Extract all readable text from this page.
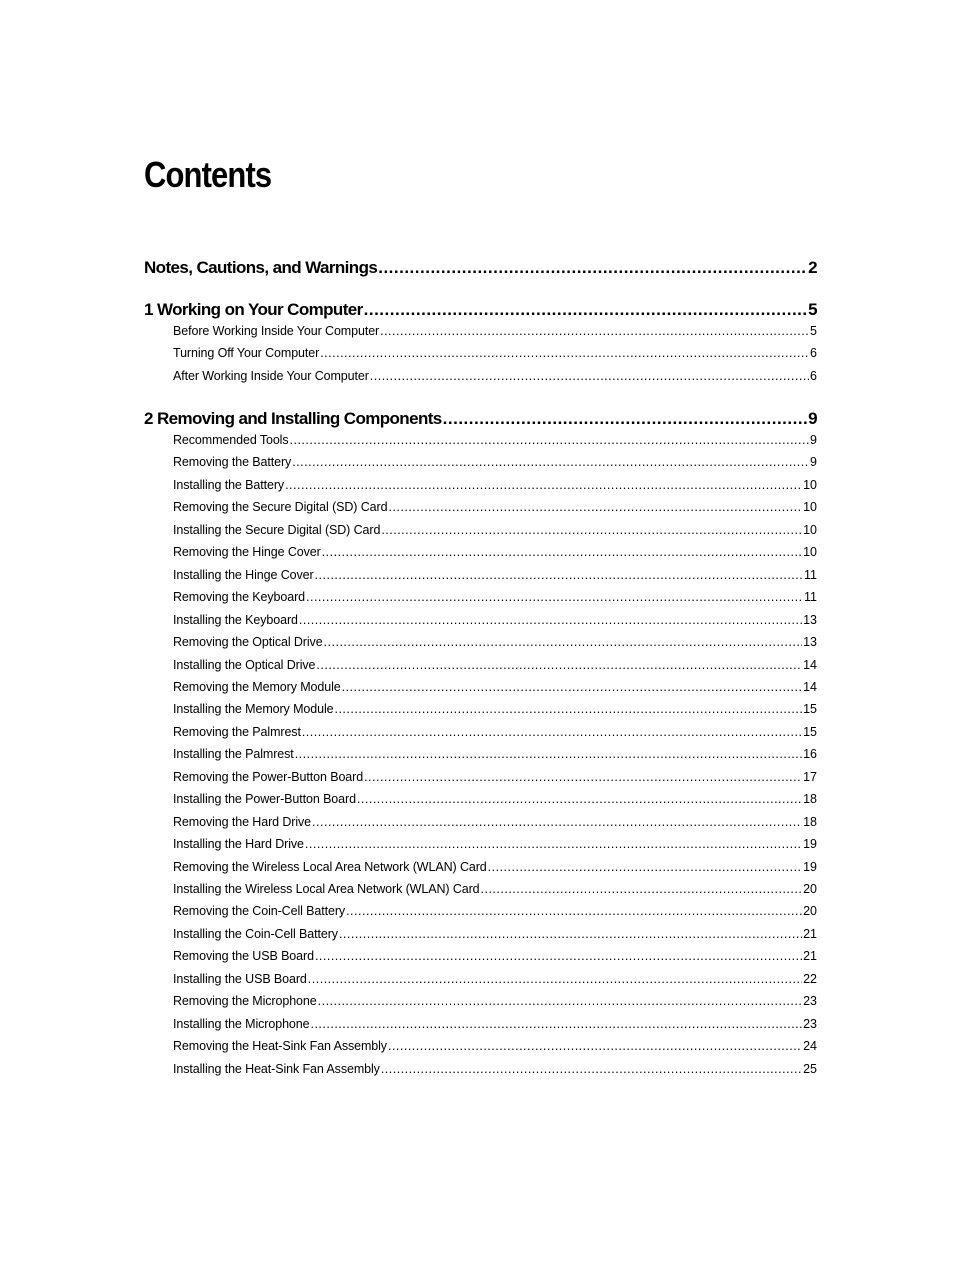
Contents
Notes, Cautions, and Warnings .....	2
1 Working on Your Computer .....	5
Before Working Inside Your Computer .....	5
Turning Off Your Computer .....	6
After Working Inside Your Computer .....	6
2 Removing and Installing Components .....	9
Recommended Tools .....	9
Removing the Battery .....	9
Installing the Battery .....	10
Removing the Secure Digital (SD) Card .....	10
Installing the Secure Digital (SD) Card .....	10
Removing the Hinge Cover .....	10
Installing the Hinge Cover .....	11
Removing the Keyboard .....	11
Installing the Keyboard .....	13
Removing the Optical Drive .....	13
Installing the Optical Drive .....	14
Removing the Memory Module .....	14
Installing the Memory Module .....	15
Removing the Palmrest .....	15
Installing the Palmrest .....	16
Removing the Power-Button Board .....	17
Installing the Power-Button Board .....	18
Removing the Hard Drive .....	18
Installing the Hard Drive .....	19
Removing the Wireless Local Area Network (WLAN) Card .....	19
Installing the Wireless Local Area Network (WLAN) Card .....	20
Removing the Coin-Cell Battery .....	20
Installing the Coin-Cell Battery .....	21
Removing the USB Board .....	21
Installing the USB Board .....	22
Removing the Microphone .....	23
Installing the Microphone .....	23
Removing the Heat-Sink Fan Assembly .....	24
Installing the Heat-Sink Fan Assembly .....	25
